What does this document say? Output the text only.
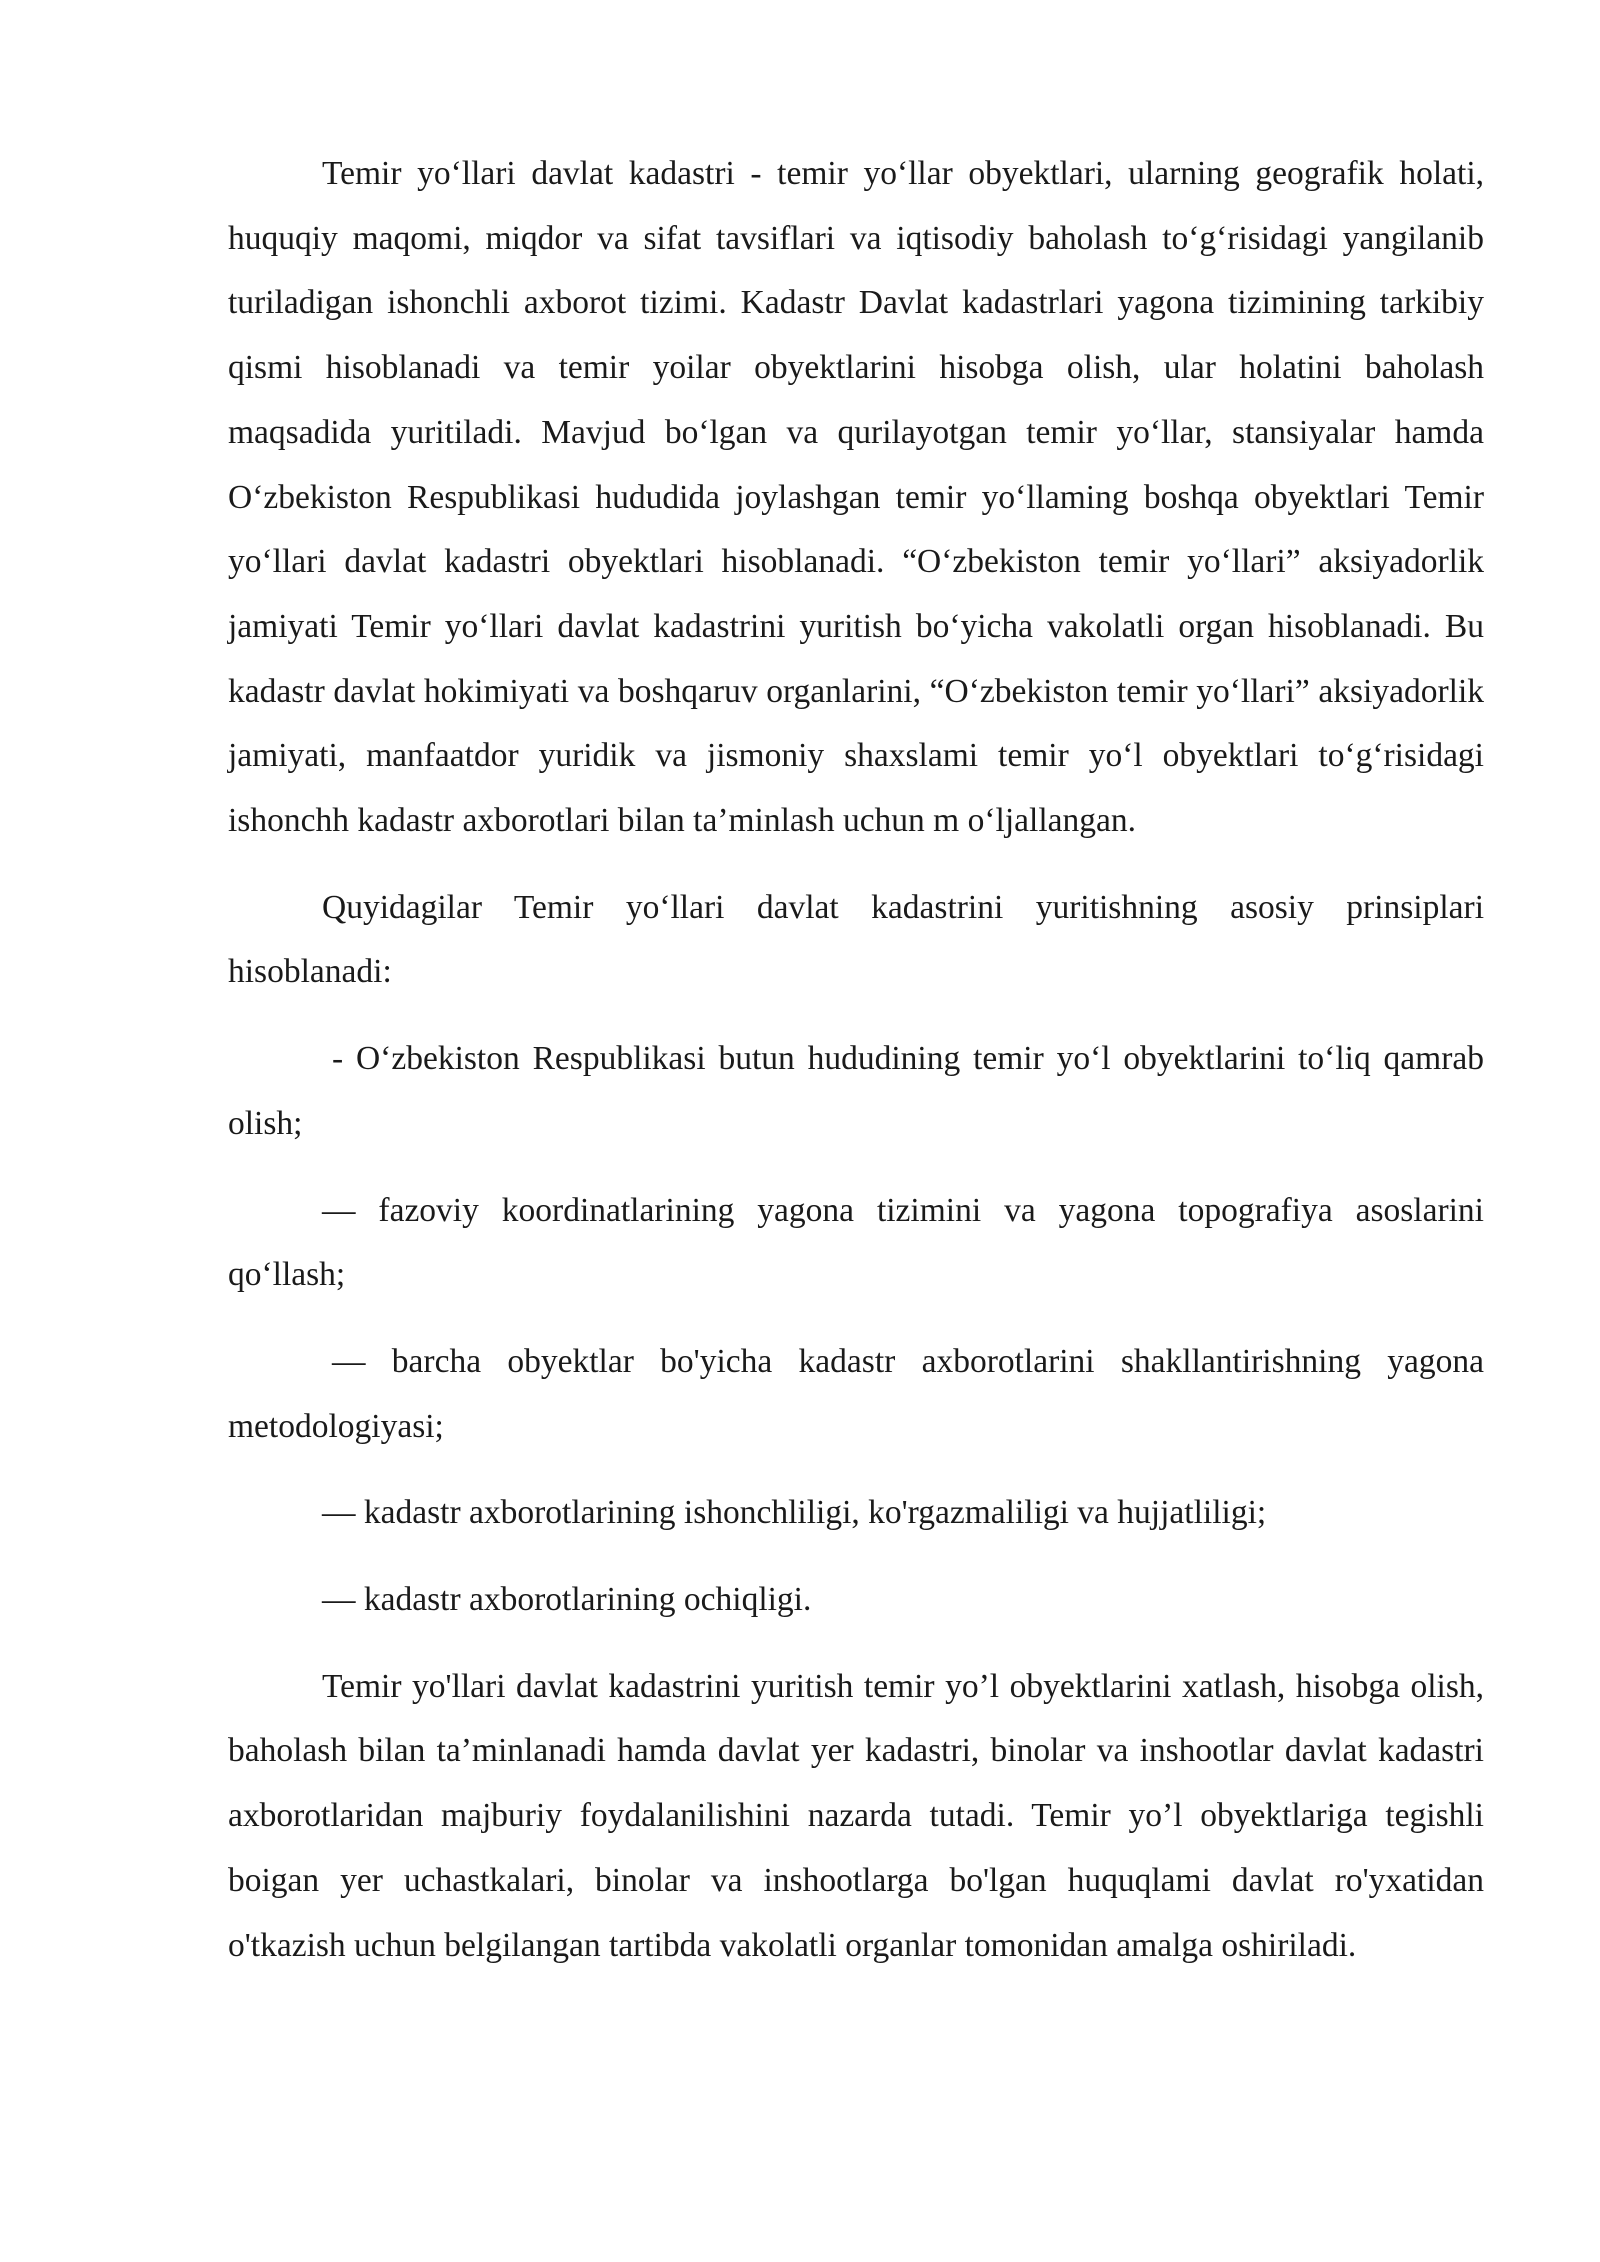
Temir yo‘llari davlat kadastri - temir yo‘llar obyektlari, ularning geografik holati, huquqiy maqomi, miqdor va sifat tavsiflari va iqtisodiy baholash to‘g‘risidagi yangilanib turiladigan ishonchli axborot tizimi. Kadastr Davlat kadastrlari yagona tizimining tarkibiy qismi hisoblanadi va temir yoilar obyektlarini hisobga olish, ular holatini baholash maqsadida yuritiladi. Mavjud bo‘lgan va qurilayotgan temir yo‘llar, stansiyalar hamda O‘zbekiston Respublikasi hududida joylashgan temir yo‘llaming boshqa obyektlari Temir yo‘llari davlat kadastri obyektlari hisoblanadi. “O‘zbekiston temir yo‘llari” aksiyadorlik jamiyati Temir yo‘llari davlat kadastrini yuritish bo‘yicha vakolatli organ hisoblanadi. Bu kadastr davlat hokimiyati va boshqaruv organlarini, “O‘zbekiston temir yo‘llari” aksiyadorlik jamiyati, manfaatdor yuridik va jismoniy shaxslami temir yo‘l obyektlari to‘g‘risidagi ishonchh kadastr axborotlari bilan ta’minlash uchun m o‘ljallangan.

Quyidagilar Temir yo‘llari davlat kadastrini yuritishning asosiy prinsiplari hisoblanadi:

- O‘zbekiston Respublikasi butun hududining temir yo‘l obyektlarini to‘liq qamrab olish;

— fazoviy koordinatlarining yagona tizimini va yagona topografiya asoslarini qo‘llash;

— barcha obyektlar bo'yicha kadastr axborotlarini shakllantirishning yagona metodologiyasi;

— kadastr axborotlarining ishonchliligi, ko'rgazmaliligi va hujjatliligi;

— kadastr axborotlarining ochiqligi.

Temir yo'llari davlat kadastrini yuritish temir yo’l obyektlarini xatlash, hisobga olish, baholash bilan ta’minlanadi hamda davlat yer kadastri, binolar va inshootlar davlat kadastri axborotlaridan majburiy foydalanilishini nazarda tutadi. Temir yo’l obyektlariga tegishli boigan yer uchastkalari, binolar va inshootlarga bo'lgan huquqlami davlat ro'yxatidan o'tkazish uchun belgilangan tartibda vakolatli organlar tomonidan amalga oshiriladi.
